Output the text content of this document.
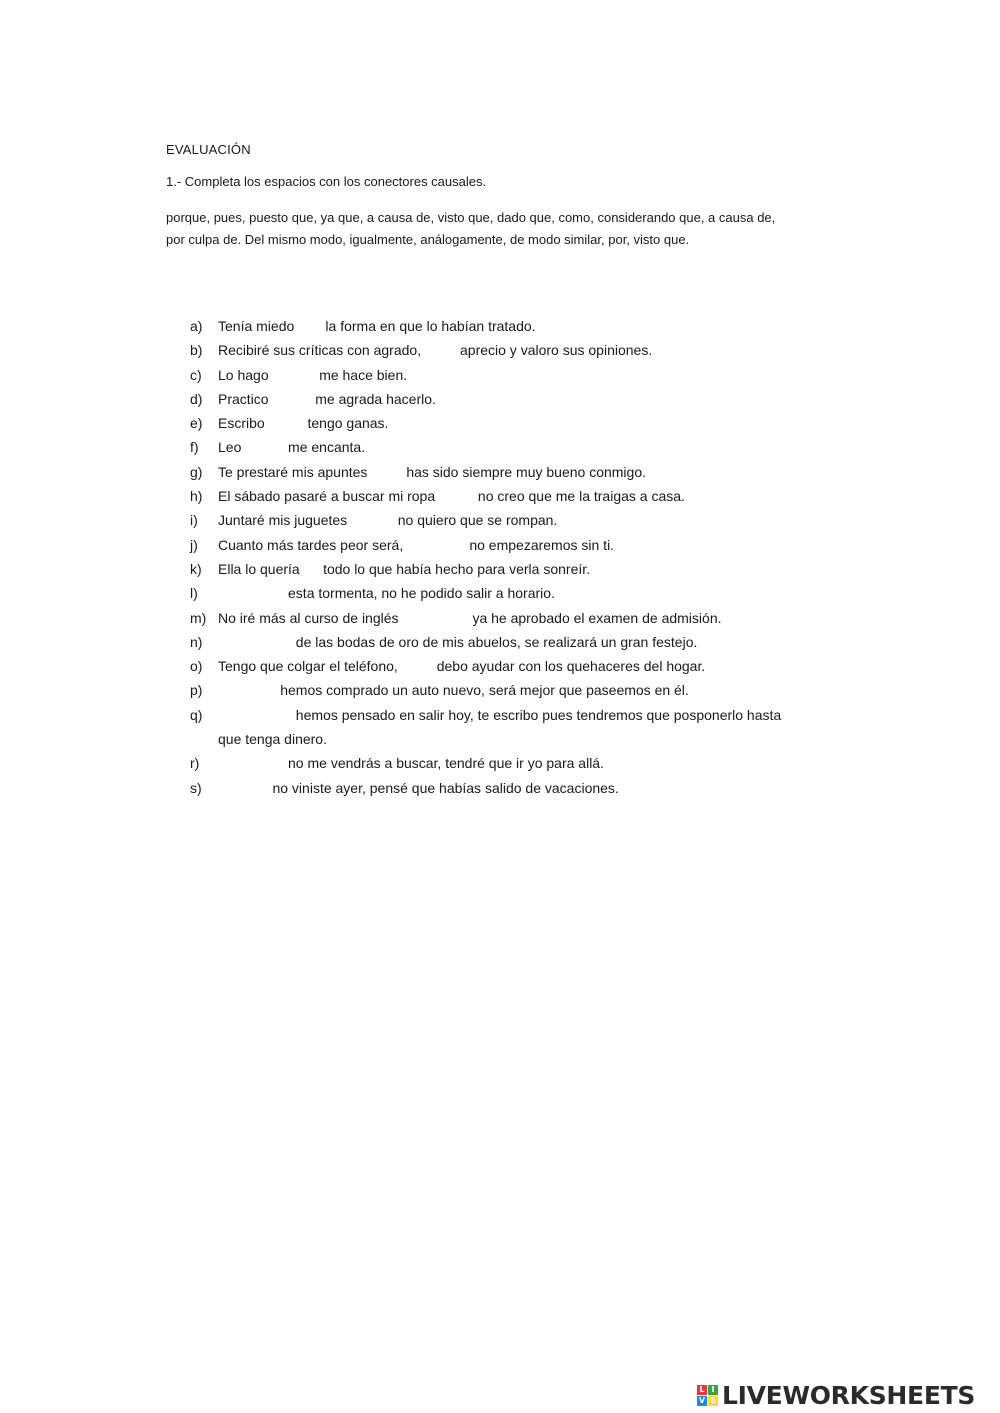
EVALUACIÓN
1.- Completa los espacios con los conectores causales.
porque, pues, puesto que, ya que, a causa de, visto que, dado que, como, considerando que, a causa de, por culpa de. Del mismo modo, igualmente, análogamente, de modo similar, por, visto que.
a) Tenía miedo la forma en que lo habían tratado.
b) Recibiré sus críticas con agrado,	aprecio y valoro sus opiniones.
c) Lo hago	me hace bien.
d) Practico	me agrada hacerlo.
e) Escribo	tengo ganas.
f) Leo	me encanta.
g) Te prestaré mis apuntes	has sido siempre muy bueno conmigo.
h) El sábado pasaré a buscar mi ropa	no creo que me la traigas a casa.
i) Juntaré mis juguetes	no quiero que se rompan.
j) Cuanto más tardes peor será,	no empezaremos sin ti.
k) Ella lo quería todo lo que había hecho para verla sonreír.
l)	esta tormenta, no he podido salir a horario.
m) No iré más al curso de inglés	ya he aprobado el examen de admisión.
n)	de las bodas de oro de mis abuelos, se realizará un gran festejo.
o) Tengo que colgar el teléfono,	debo ayudar con los quehaceres del hogar.
p)	hemos comprado un auto nuevo, será mejor que paseemos en él.
q)	hemos pensado en salir hoy, te escribo pues tendremos que posponerlo hasta que tenga dinero.
r)	no me vendrás a buscar, tendré que ir yo para allá.
s)	no viniste ayer, pensé que habías salido de vacaciones.
L I
V E LIVEWORKSHEETS
